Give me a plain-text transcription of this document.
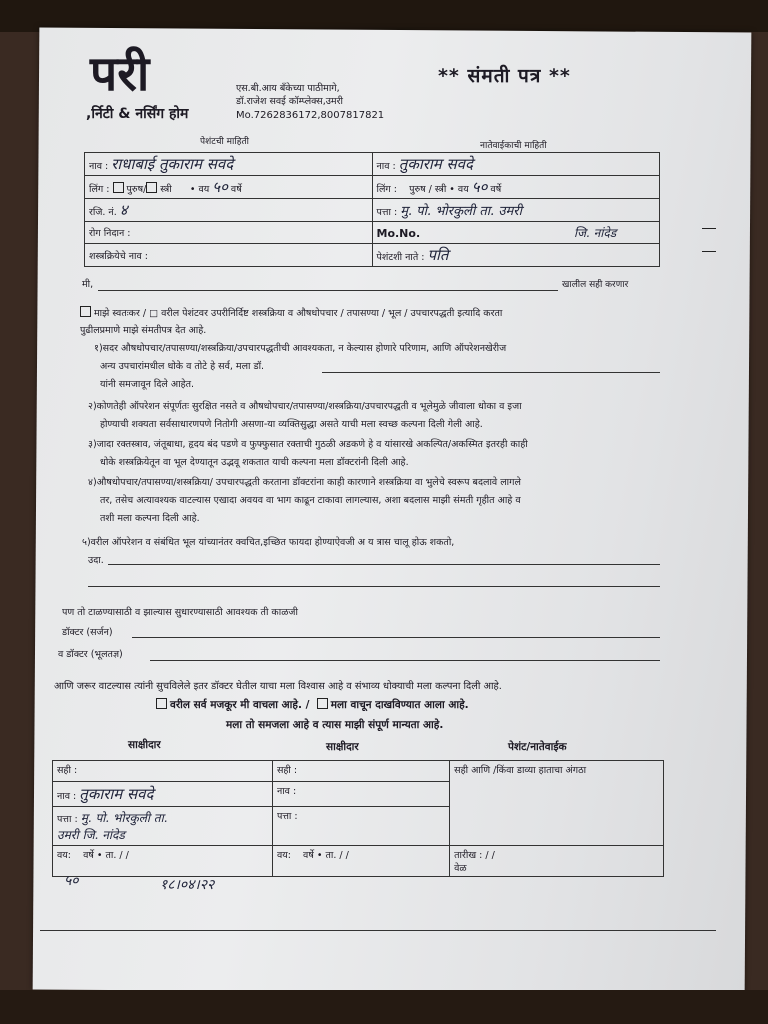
परी
,र्निटी & नर्सिंग होम
एस.बी.आय बँकेच्या पाठीमागे,
डॉ.राजेश सवई कॉम्प्लेक्स,उमरी
Mo.7262836172,8007817821
** संमती पत्र **
पेशंटची माहिती	नातेवाईकाची माहिती
नाव : राधाबाई तुकाराम सवदे	नाव : तुकाराम सवदे
लिंग : पुरुष/ स्त्री • वय ५० वर्षे	लिंग : पुरुष / स्त्री • वय ५० वर्षे
रजि. नं. ४	पत्ता : मु. पो. भोरकुली ता. उमरी
रोग निदान :	Mo.No. जि. नांदेड
शस्त्रक्रियेचे नाव :	पेशंटशी नाते : पति
मी,	खालील सही करणार
माझे स्वतःकर / □ वरील पेशंटवर उपरीनिर्दिष्ट शस्त्रक्रिया व औषधोपचार / तपासण्या / भूल / उपचारपद्धती इत्यादि करता
पुढीलप्रमाणे माझे संमतीपत्र देत आहे.
१)सदर औषधोपचार/तपासण्या/शस्त्रक्रिया/उपचारपद्धतीची आवश्यकता, न केल्यास होणारे परिणाम, आणि ऑपरेशनखेरीज
अन्य उपचारांमधील धोके व तोटे हे सर्व, मला डॉ.
यांनी समजावून दिले आहेत.
२)कोणतेही ऑपरेशन संपूर्णतः सुरक्षित नसते व औषधोपचार/तपासण्या/शस्त्रक्रिया/उपचारपद्धती व भूलेमुळे जीवाला धोका व इजा
होण्याची शक्यता सर्वसाधारणपणे नितोगी असणा-या व्यक्तिसुद्धा असते याची मला स्वच्छ कल्पना दिली गेली आहे.
३)जादा रक्तस्त्राव, जंतूबाधा, हृदय बंद पडणे व फुफ्फुसात रक्ताची गुठळी अडकणे हे व यांसारखे अकल्पित/अकस्मित इतरही काही
धोके शस्त्रक्रियेतून वा भूल देण्यातून उद्भवू शकतात याची कल्पना मला डॉक्टरांनी दिली आहे.
४)औषधोपचार/तपासण्या/शस्त्रक्रिया/ उपचारपद्धती करताना डॉक्टरांना काही कारणाने शस्त्रक्रिया वा भुलेचे स्वरूप बदलावे लागले
तर, तसेच अत्यावश्यक वाटल्यास एखादा अवयव वा भाग काढून टाकावा लागल्यास, अशा बदलास माझी संमती गृहीत आहे व
तशी मला कल्पना दिली आहे.
५)वरील ऑपरेशन व संबंधित भूल यांच्यानंतर क्वचित,इच्छित फायदा होण्याऐवजी अ य त्रास चालू होऊ शकतो,
उदा.
पण तो टाळण्यासाठी व झाल्यास सुधारण्यासाठी आवश्यक ती काळजी
डॉक्टर (सर्जन)
व डॉक्टर (भूलतज्ञ)
आणि जरूर वाटल्यास त्यांनी सुचविलेले इतर डॉक्टर घेतील याचा मला विश्वास आहे व संभाव्य धोक्याची मला कल्पना दिली आहे.
वरील सर्व मजकूर मी वाचला आहे. / मला वाचून दाखविण्यात आला आहे.
मला तो समजला आहे व त्यास माझी संपूर्ण मान्यता आहे.
साक्षीदार	साक्षीदार	पेशंट/नातेवाईक
सही :	सही :	सही आणि /किंवा डाव्या हाताचा अंगठा
नाव : तुकाराम सवदे	नाव :	
पत्ता : मु. पो. भोरकुली ता.
उमरी जि. नांदेड	पत्ता :	
वय: वर्षे • ता. / /	वय: वर्षे • ता. / /	तारीख : / /
वेळ
५०	१८।०४।२२
